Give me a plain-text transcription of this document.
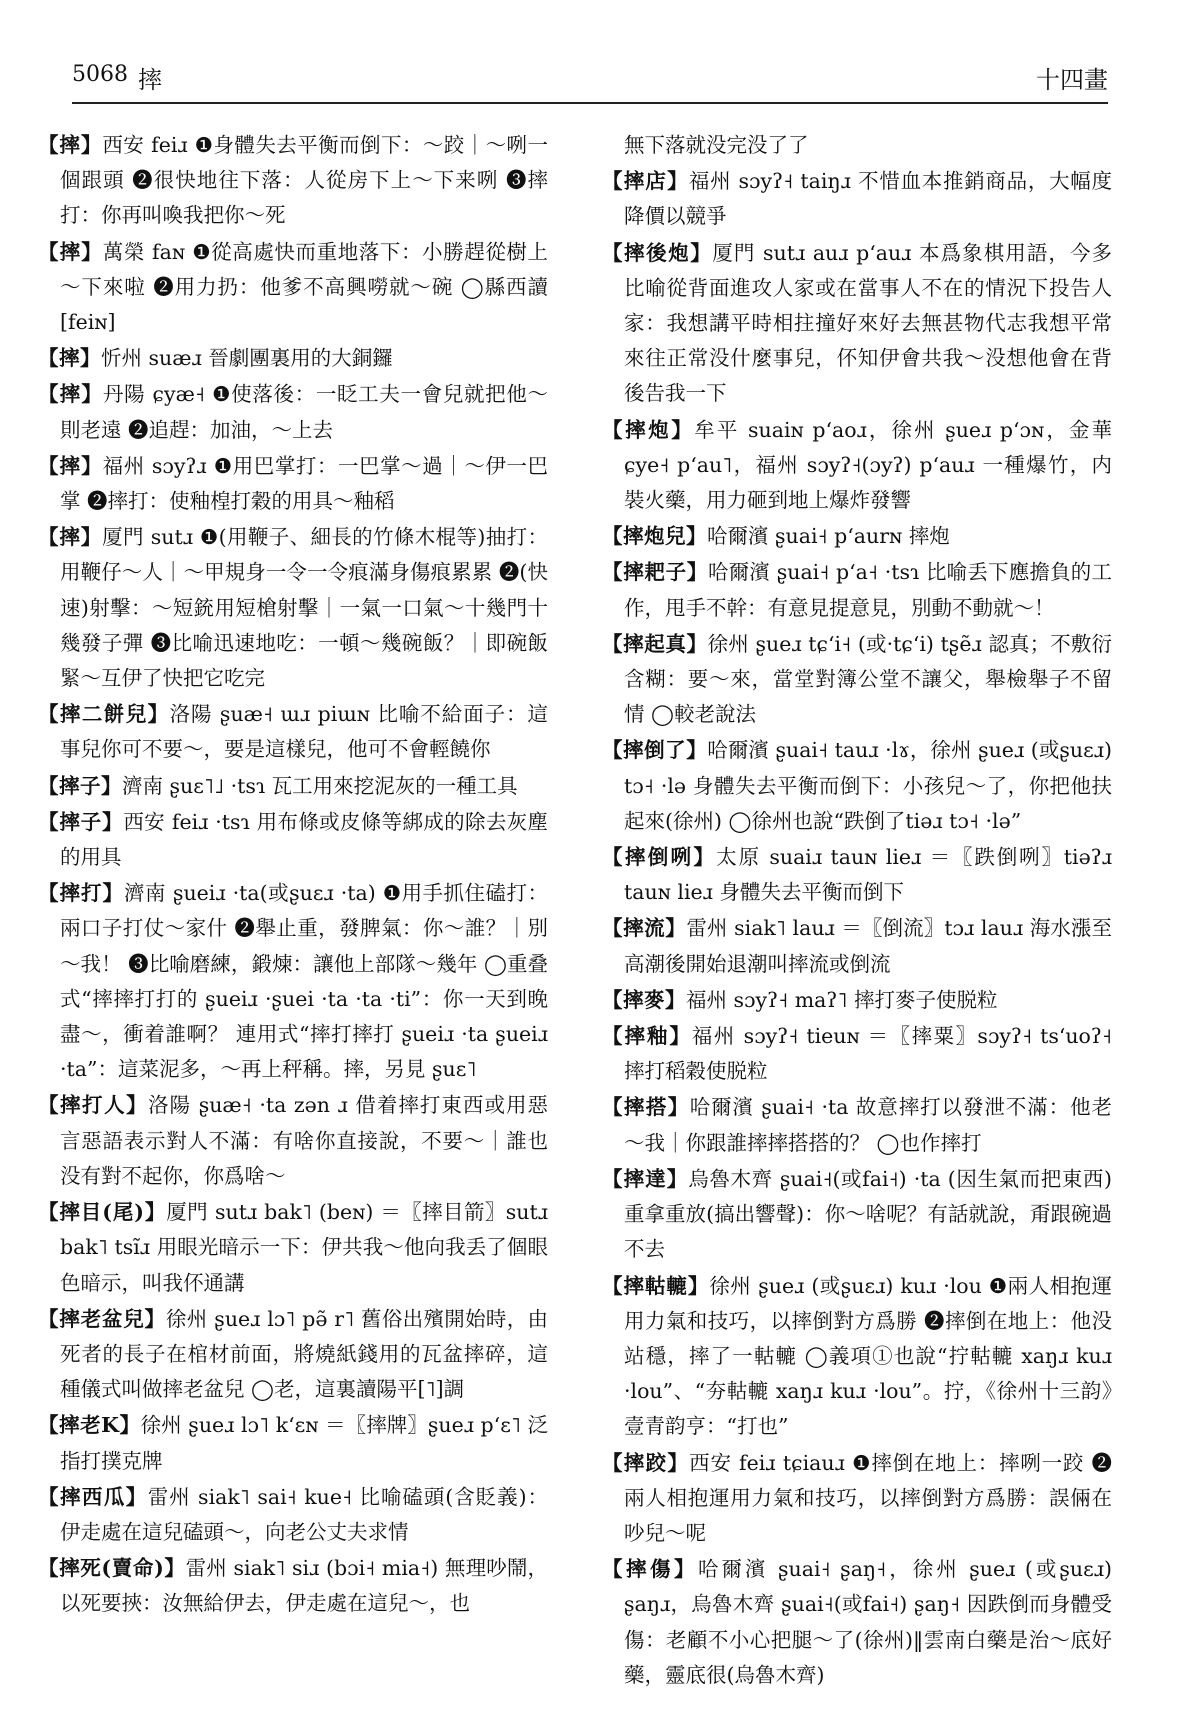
5068 摔	十四畫
【摔】西安 feiɹ ❶身體失去平衡而倒下：～跤｜～咧一個跟頭 ❷很快地往下落：人從房下上～下来咧 ❸摔打：你再叫喚我把你～死
【摔】萬榮 faɴ ❶從高處快而重地落下：小勝趕從樹上～下來啦 ❷用力扔：他爹不高興嘮就～碗 ◯縣西讀[feiɴ]
【摔】忻州 suæɹ 晉劇團裏用的大銅鑼
【摔】丹陽 ɕyæ˧ ❶使落後：一眨工夫一會兒就把他～則老遠 ❷追趕：加油，～上去
【摔】福州 sɔyʔɹ ❶用巴掌打：一巴掌～過｜～伊一巴掌 ❷摔打：使釉楻打穀的用具～釉稻
【摔】厦門 sutɹ ❶(用鞭子、細長的竹條木棍等)抽打：用鞭仔～人｜～甲規身一令一令痕滿身傷痕累累 ❷(快速)射擊：～短銃用短槍射擊｜一氣一口氣～十幾門十幾發子彈 ❸比喻迅速地吃：一頓～幾碗飯？｜即碗飯緊～互伊了快把它吃完
【摔二餅兒】洛陽 ʂuæ˧ ɯɹ piɯɴ 比喻不給面子：這事兒你可不要～，要是這樣兒，他可不會輕饒你
【摔子】濟南 ʂuɛ˥˩ ·tsɿ 瓦工用來挖泥灰的一種工具
【摔子】西安 feiɹ ·tsɿ 用布條或皮條等綁成的除去灰塵的用具
【摔打】濟南 ʂueiɹ ·ta(或ʂuɛɹ ·ta) ❶用手抓住磕打：兩口子打仗～家什 ❷舉止重，發脾氣：你～誰？｜別～我！ ❸比喻磨練，鍛煉：讓他上部隊～幾年 ◯重叠式“摔摔打打的 ʂueiɹ ·ʂuei ·ta ·ta ·ti”：你一天到晚盡～，衝着誰啊？ 連用式“摔打摔打 ʂueiɹ ·ta ʂueiɹ ·ta”：這菜泥多，～再上秤稱。摔，另見 ʂuɛ˥
【摔打人】洛陽 ʂuæ˧ ·ta zən ɹ 借着摔打東西或用惡言惡語表示對人不滿：有啥你直接說，不要～｜誰也没有對不起你，你爲啥～
【摔目(尾)】厦門 sutɹ bak˥ (beɴ) ＝〖摔目箭〗sutɹ bak˥ tsĩɹ 用眼光暗示一下：伊共我～他向我丢了個眼色暗示，叫我伓通講
【摔老盆兒】徐州 ʂueɹ lɔ˥ pə̃ r˥ 舊俗出殯開始時，由死者的長子在棺材前面，將燒紙錢用的瓦盆摔碎，這種儀式叫做摔老盆兒 ◯老，這裏讀陽平[˥]調
【摔老K】徐州 ʂueɹ lɔ˥ kʻɛɴ ＝〖摔牌〗ʂueɹ pʻɛ˥ 泛指打撲克牌
【摔西瓜】雷州 siak˥ sai˧ kue˧ 比喻磕頭(含貶義)：伊走處在這兒磕頭～，向老公丈夫求情
【摔死(賣命)】雷州 siak˥ siɹ (bɔi˧ mia˧) 無理吵鬧，以死要挾：汝無給伊去，伊走處在這兒～，也
無下落就没完没了了
【摔店】福州 sɔyʔ˧ taiŋɹ 不惜血本推銷商品，大幅度降價以競爭
【摔後炮】厦門 sutɹ auɹ pʻauɹ 本爲象棋用語，今多比喻從背面進攻人家或在當事人不在的情況下投告人家：我想講平時相拄撞好來好去無甚物代志我想平常來往正常没什麼事兒，伓知伊會共我～没想他會在背後告我一下
【摔炮】牟平 suaiɴ pʻaoɹ，徐州 ʂueɹ pʻɔɴ，金華 ɕye˧ pʻau˥，福州 sɔyʔ˧(ɔyʔ) pʻauɹ 一種爆竹，内裝火藥，用力砸到地上爆炸發響
【摔炮兒】哈爾濱 ʂuai˧ pʻaurɴ 摔炮
【摔耙子】哈爾濱 ʂuai˧ pʻa˧ ·tsɿ 比喻丢下應擔負的工作，甩手不幹：有意見提意見，別動不動就～！
【摔起真】徐州 ʂueɹ tɕʻi˧ (或·tɕʻi) tʂẽɹ 認真；不敷衍含糊：要～來，當堂對簿公堂不讓父，舉檢舉子不留情 ◯較老說法
【摔倒了】哈爾濱 ʂuai˧ tauɹ ·lɤ，徐州 ʂueɹ (或ʂuɛɹ) tɔ˧ ·lə 身體失去平衡而倒下：小孩兒～了，你把他扶起來(徐州) ◯徐州也說“跌倒了tiəɹ tɔ˧ ·lə”
【摔倒咧】太原 suaiɹ tauɴ lieɹ ＝〖跌倒咧〗tiəʔɹ tauɴ lieɹ 身體失去平衡而倒下
【摔流】雷州 siak˥ lauɹ ＝〖倒流〗tɔɹ lauɹ 海水漲至高潮後開始退潮叫摔流或倒流
【摔麥】福州 sɔyʔ˧ maʔ˥ 摔打麥子使脱粒
【摔釉】福州 sɔyʔ˧ tieuɴ ＝〖摔粟〗sɔyʔ˧ tsʻuoʔ˧ 摔打稻穀使脱粒
【摔搭】哈爾濱 ʂuai˧ ·ta 故意摔打以發泄不滿：他老～我｜你跟誰摔摔搭搭的？ ◯也作摔打
【摔達】烏魯木齊 ʂuai˧(或fai˧) ·ta (因生氣而把東西)重拿重放(搞出響聲)：你～啥呢？有話就說，甭跟碗過不去
【摔軲轆】徐州 ʂueɹ (或ʂuɛɹ) kuɹ ·lou ❶兩人相抱運用力氣和技巧，以摔倒對方爲勝 ❷摔倒在地上：他没站穩，摔了一軲轆 ◯義項①也說“拧軲轆 xaŋɹ kuɹ ·lou”、“夯軲轆 xaŋɹ kuɹ ·lou”。拧，《徐州十三韵》壹青韵亨：“打也”
【摔跤】西安 feiɹ tɕiauɹ ❶摔倒在地上：摔咧一跤 ❷兩人相抱運用力氣和技巧，以摔倒對方爲勝：誤倆在吵兒～呢
【摔傷】哈爾濱 ʂuai˧ ʂaŋ˧，徐州 ʂueɹ (或ʂuɛɹ) ʂaŋɹ，烏魯木齊 ʂuai˧(或fai˧) ʂaŋ˧ 因跌倒而身體受傷：老顧不小心把腿～了(徐州)‖雲南白藥是治～底好藥，靈底很(烏魯木齊)
